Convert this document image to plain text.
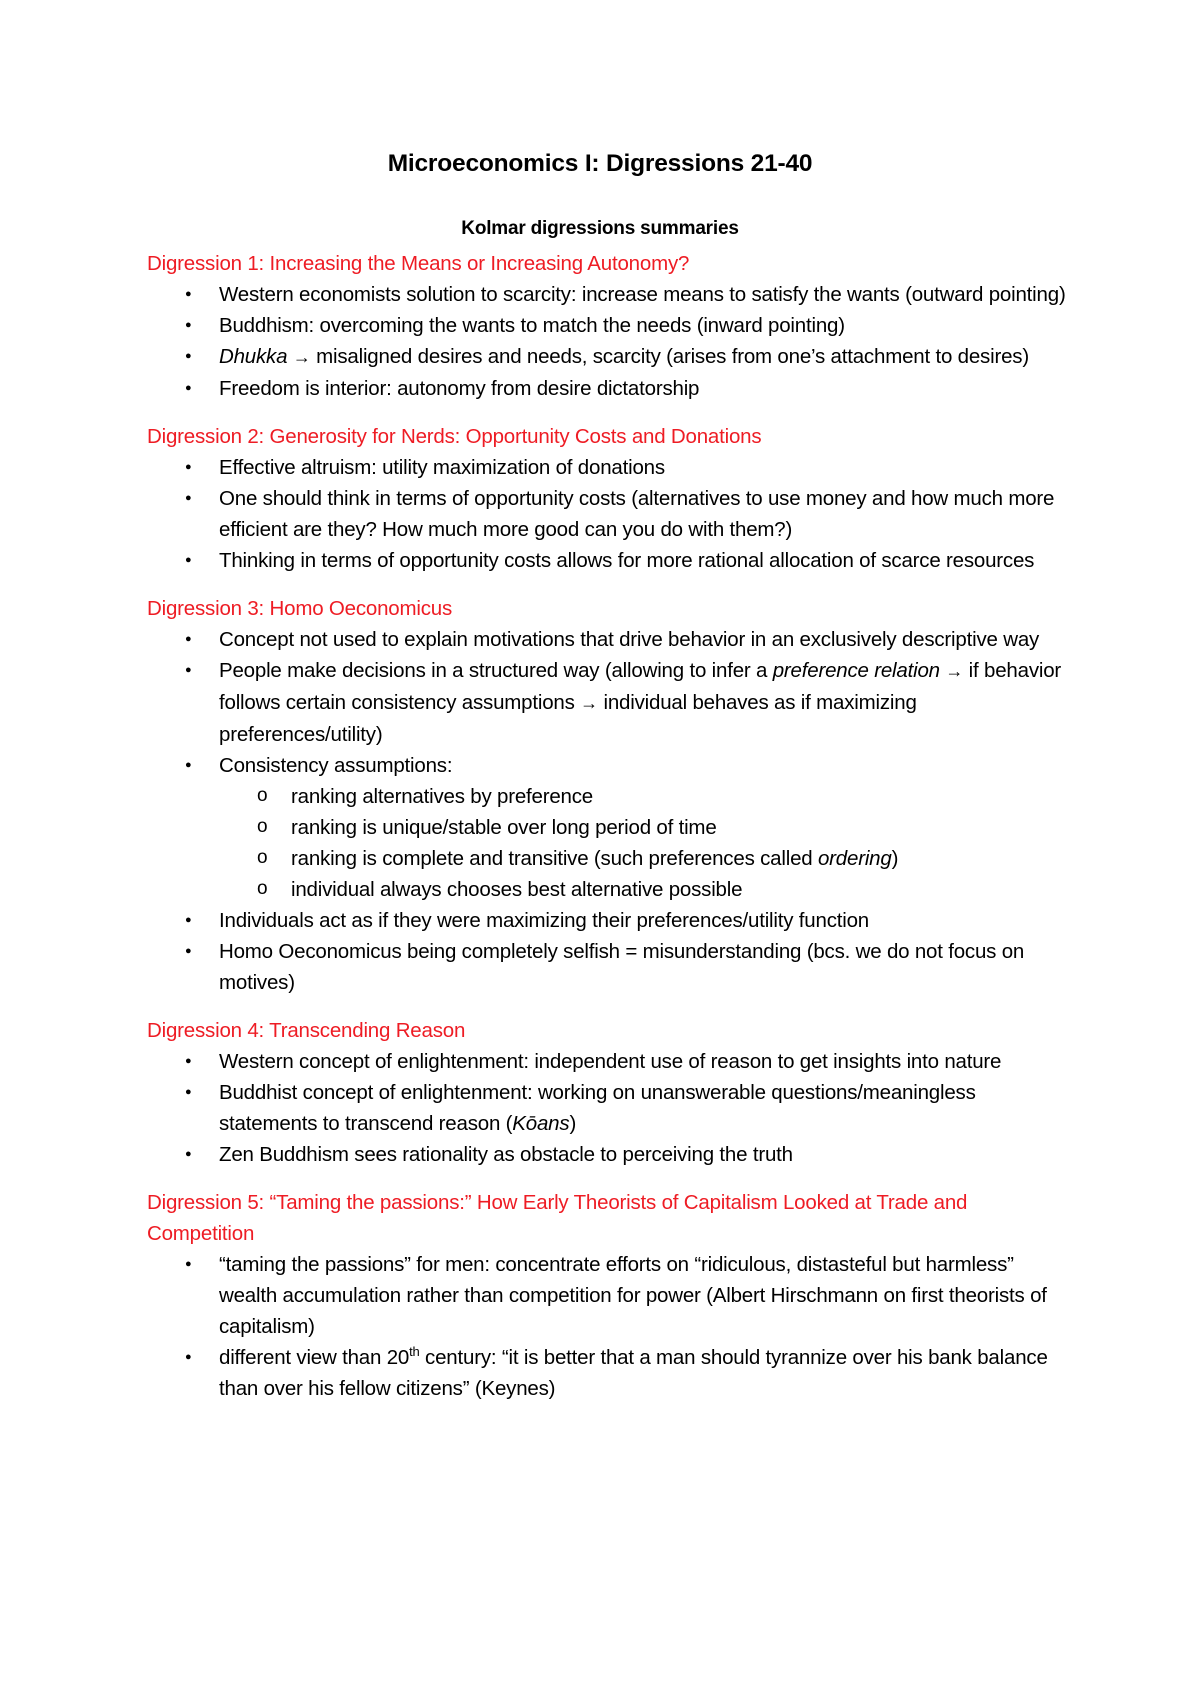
Microeconomics I: Digressions 21-40
Kolmar digressions summaries
Digression 1: Increasing the Means or Increasing Autonomy?
● Western economists solution to scarcity: increase means to satisfy the wants (outward pointing)
● Buddhism: overcoming the wants to match the needs (inward pointing)
● Dhukka → misaligned desires and needs, scarcity (arises from one’s attachment to desires)
● Freedom is interior: autonomy from desire dictatorship
Digression 2: Generosity for Nerds: Opportunity Costs and Donations
● Effective altruism: utility maximization of donations
● One should think in terms of opportunity costs (alternatives to use money and how much more efficient are they? How much more good can you do with them?)
● Thinking in terms of opportunity costs allows for more rational allocation of scarce resources
Digression 3: Homo Oeconomicus
● Concept not used to explain motivations that drive behavior in an exclusively descriptive way
● People make decisions in a structured way (allowing to infer a preference relation → if behavior follows certain consistency assumptions → individual behaves as if maximizing preferences/utility)
● Consistency assumptions:
o ranking alternatives by preference
o ranking is unique/stable over long period of time
o ranking is complete and transitive (such preferences called ordering)
o individual always chooses best alternative possible
● Individuals act as if they were maximizing their preferences/utility function
● Homo Oeconomicus being completely selfish = misunderstanding (bcs. we do not focus on motives)
Digression 4: Transcending Reason
● Western concept of enlightenment: independent use of reason to get insights into nature
● Buddhist concept of enlightenment: working on unanswerable questions/meaningless statements to transcend reason (Kōans)
● Zen Buddhism sees rationality as obstacle to perceiving the truth
Digression 5: “Taming the passions:” How Early Theorists of Capitalism Looked at Trade and Competition
● “taming the passions” for men: concentrate efforts on “ridiculous, distasteful but harmless” wealth accumulation rather than competition for power (Albert Hirschmann on first theorists of capitalism)
● different view than 20th century: “it is better that a man should tyrannize over his bank balance than over his fellow citizens” (Keynes)
